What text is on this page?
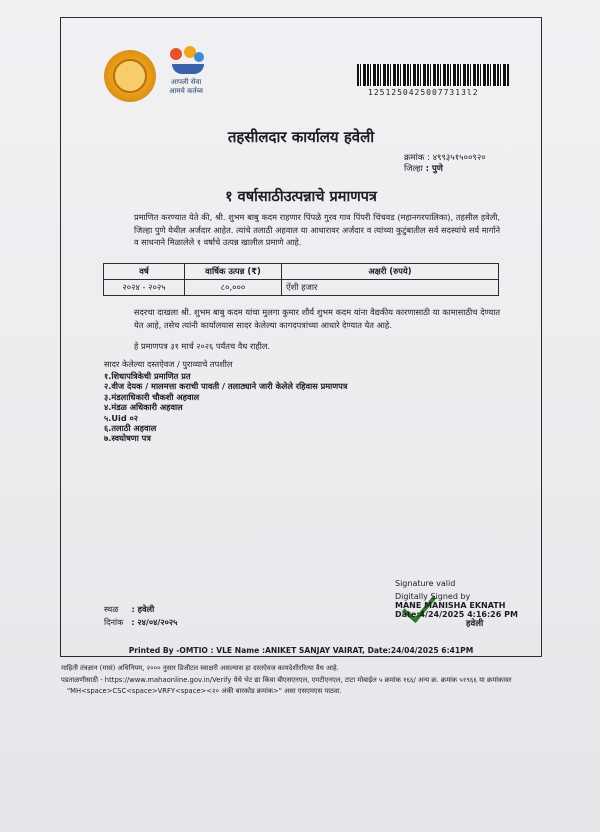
आपली सेवा
आमचे कर्तव्य	12512504250077313l2
तहसीलदार कार्यालय हवेली
क्रमांक : ४९९३५१५००९२०
जिल्हा : पुणे
१ वर्षासाठीउत्पन्नाचे प्रमाणपत्र
प्रमाणित करण्यात येते की, श्री. शुभम बाबु कदम राहणार पिंपळे गुरव गाव पिंपरी चिंचवड (महानगरपालिका), तहसील हवेली, जिल्हा पुणे येथील अर्जदार आहेत. त्यांचे तलाठी अहवाल या आधारावर अर्जदार व त्यांच्या कुटुंबातील सर्व सदस्यांचे सर्व मार्गाने व साधनाने मिळालेले १ वर्षाचे उत्पन्न खालील प्रमाणे आहे.
वर्ष	वार्षिक उत्पन्न (₹)	अक्षरी (रुपये)
२०२४ - २०२५	८०,०००	ऐंशी हजार
सदरचा दाखला श्री. शुभम बाबु कदम यांचा मुलगा कुमार शौर्य शुभम कदम यांना वैद्यकीय कारणासाठी या कामासाठीच देण्यात येत आहे, तसेच त्यांनी कार्यालयास सादर केलेल्या कागदपत्रांच्या आधारे देण्यात येत आहे.
हे प्रमाणपत्र ३१ मार्च २०२६ पर्यंतच वैध राहील.
सादर केलेल्या दस्तऐवज / पुराव्याचे तपशील
१.शिधापत्रिकेची प्रमाणित प्रत
२.वीज देयक / मालमत्ता कराची पावती / तलाठ्याने जारी केलेले रहिवास प्रमाणपत्र
३.मंडलाधिकारी चौकशी अहवाल
४.मंडळ अधिकारी अहवाल
५.Uid ०२
६.तलाठी अहवाल
७.स्वघोषणा पत्र
Signature valid
Digitally Signed by
MANE MANISHA EKNATH
Date:4/24/2025 4:16:26 PM
हवेली
स्थळ : हवेली
दिनांक : २४/०४/२०२५
Printed By -OMTIO : VLE Name :ANIKET SANJAY VAIRAT, Date:24/04/2025 6:41PM
माहिती तंत्रज्ञान (मासं) अधिनियम, २००० नुसार डिजीटल स्वाक्षरी असल्यास हा दस्तऐवज कायदेशीररित्या वैध आहे.
पडताळणीसाठी - https://www.mahaonline.gov.in/Verify येथे भेट द्या किंवा बीएसएनएल, एमटीएनएल, टाटा मोबाईल ५ क्रमांक १६६/ अन्य क्र. क्रमांक ५१९६६ या क्रमांकावर
"MH<space>CSC<space>VRFY<space><२० अंकी बारकोड क्रमांक>" असा एसएमएस पाठवा.
